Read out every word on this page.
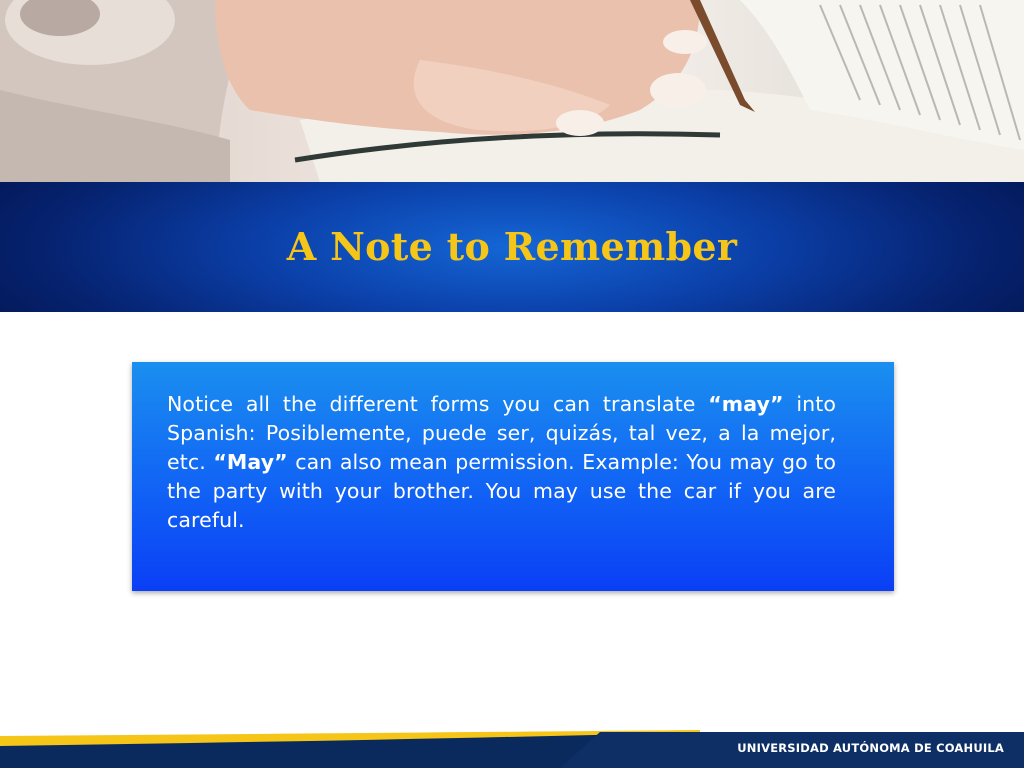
A Note to Remember

Notice all the different forms you can translate “may” into Spanish: Posiblemente, puede ser, quizás, tal vez, a la mejor, etc. “May” can also mean permission. Example: You may go to the party with your brother. You may use the car if you are careful.

UNIVERSIDAD AUTÓNOMA DE COAHUILA
